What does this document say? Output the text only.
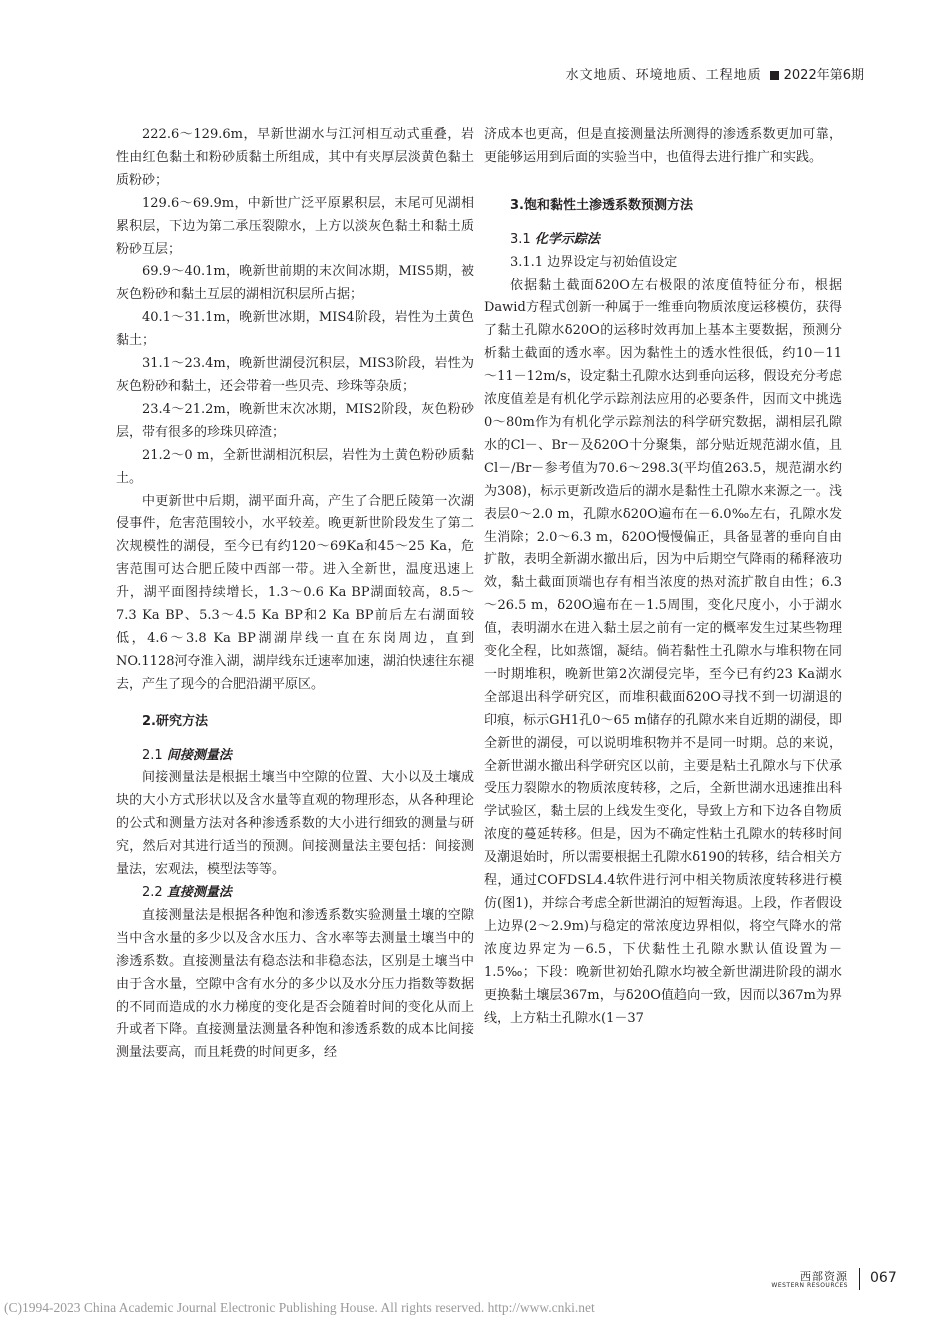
水文地质、环境地质、工程地质 2022年第6期

222.6～129.6m，早新世湖水与江河相互动式重叠，岩性由红色黏土和粉砂质黏土所组成，其中有夹厚层淡黄色黏土质粉砂；

129.6～69.9m，中新世广泛平原累积层，末尾可见湖相累积层，下边为第二承压裂隙水，上方以淡灰色黏土和黏土质粉砂互层；

69.9～40.1m，晚新世前期的末次间冰期，MIS5期，被灰色粉砂和黏土互层的湖相沉积层所占据；

40.1～31.1m，晚新世冰期，MIS4阶段，岩性为土黄色黏土；

31.1～23.4m，晚新世湖侵沉积层，MIS3阶段，岩性为灰色粉砂和黏土，还会带着一些贝壳、珍珠等杂质；

23.4～21.2m，晚新世末次冰期，MIS2阶段，灰色粉砂层，带有很多的珍珠贝碎渣；

21.2～0 m，全新世湖相沉积层，岩性为土黄色粉砂质黏土。

中更新世中后期，湖平面升高，产生了合肥丘陵第一次湖侵事件，危害范围较小，水平较差。晚更新世阶段发生了第二次规模性的湖侵，至今已有约120～69Ka和45～25 Ka，危害范围可达合肥丘陵中西部一带。进入全新世，温度迅速上升，湖平面图持续增长，1.3～0.6 Ka BP湖面较高，8.5～7.3 Ka BP、5.3～4.5 Ka BP和2 Ka BP前后左右湖面较低，4.6～3.8 Ka BP湖湖岸线一直在东岗周边，直到NO.1128河夺淮入湖，湖岸线东迁速率加速，湖泊快速往东褪去，产生了现今的合肥沿湖平原区。

2.研究方法
2.1 间接测量法

间接测量法是根据土壤当中空隙的位置、大小以及土壤成块的大小方式形状以及含水量等直观的物理形态，从各种理论的公式和测量方法对各种渗透系数的大小进行细致的测量与研究，然后对其进行适当的预测。间接测量法主要包括：间接测量法，宏观法，模型法等等。

2.2 直接测量法

直接测量法是根据各种饱和渗透系数实验测量土壤的空隙当中含水量的多少以及含水压力、含水率等去测量土壤当中的渗透系数。直接测量法有稳态法和非稳态法，区别是土壤当中由于含水量，空隙中含有水分的多少以及水分压力指数等数据的不同而造成的水力梯度的变化是否会随着时间的变化从而上升或者下降。直接测量法测量各种饱和渗透系数的成本比间接测量法要高，而且耗费的时间更多，经

济成本也更高，但是直接测量法所测得的渗透系数更加可靠，更能够运用到后面的实验当中，也值得去进行推广和实践。

3.饱和黏性土渗透系数预测方法
3.1 化学示踪法
3.1.1 边界设定与初始值设定

依据黏土截面δ20O左右极限的浓度值特征分布，根据Dawid方程式创新一种属于一维垂向物质浓度运移模仿，获得了黏土孔隙水δ20O的运移时效再加上基本主要数据，预测分析黏土截面的透水率。因为黏性土的透水性很低，约10－11～11－12m/s，设定黏土孔隙水达到垂向运移，假设充分考虑浓度值差是有机化学示踪剂法应用的必要条件，因而文中挑选0～80m作为有机化学示踪剂法的科学研究数据，湖相层孔隙水的Cl－、Br－及δ20O十分聚集，部分贴近规范湖水值，且Cl－/Br－参考值为70.6～298.3(平均值263.5，规范湖水约为308)，标示更新改造后的湖水是黏性土孔隙水来源之一。浅表层0～2.0 m，孔隙水δ20O遍布在－6.0‰左右，孔隙水发生消除；2.0～6.3 m，δ20O慢慢偏正，具备显著的垂向自由扩散，表明全新湖水撤出后，因为中后期空气降雨的稀释液功效，黏土截面顶端也存有相当浓度的热对流扩散自由性；6.3～26.5 m，δ20O遍布在－1.5周围，变化尺度小，小于湖水值，表明湖水在进入黏土层之前有一定的概率发生过某些物理变化全程，比如蒸馏，凝结。倘若黏性土孔隙水与堆积物在同一时期堆积，晚新世第2次湖侵完毕，至今已有约23 Ka湖水全部退出科学研究区，而堆积截面δ20O寻找不到一切湖退的印痕，标示GH1孔0～65 m储存的孔隙水来自近期的湖侵，即全新世的湖侵，可以说明堆积物并不是同一时期。总的来说，全新世湖水撤出科学研究区以前，主要是粘土孔隙水与下伏承受压力裂隙水的物质浓度转移，之后，全新世湖水迅速推出科学试验区，黏土层的上线发生变化，导致上方和下边各自物质浓度的蔓延转移。但是，因为不确定性粘土孔隙水的转移时间及潮退始时，所以需要根据土孔隙水δ190的转移，结合相关方程，通过COFDSL4.4软件进行河中相关物质浓度转移进行模仿(图1)，并综合考虑全新世湖泊的短暂海退。上段，作者假设上边界(2～2.9m)与稳定的常浓度边界相似，将空气降水的常浓度边界定为－6.5，下伏黏性土孔隙水默认值设置为－1.5‰；下段：晚新世初始孔隙水均被全新世湖进阶段的湖水更换黏土壤层367m，与δ20O值趋向一致，因而以367m为界线，上方粘土孔隙水(1－37

西部资源
WESTERN RESOURCES 067
(C)1994-2023 China Academic Journal Electronic Publishing House. All rights reserved. http://www.cnki.net
